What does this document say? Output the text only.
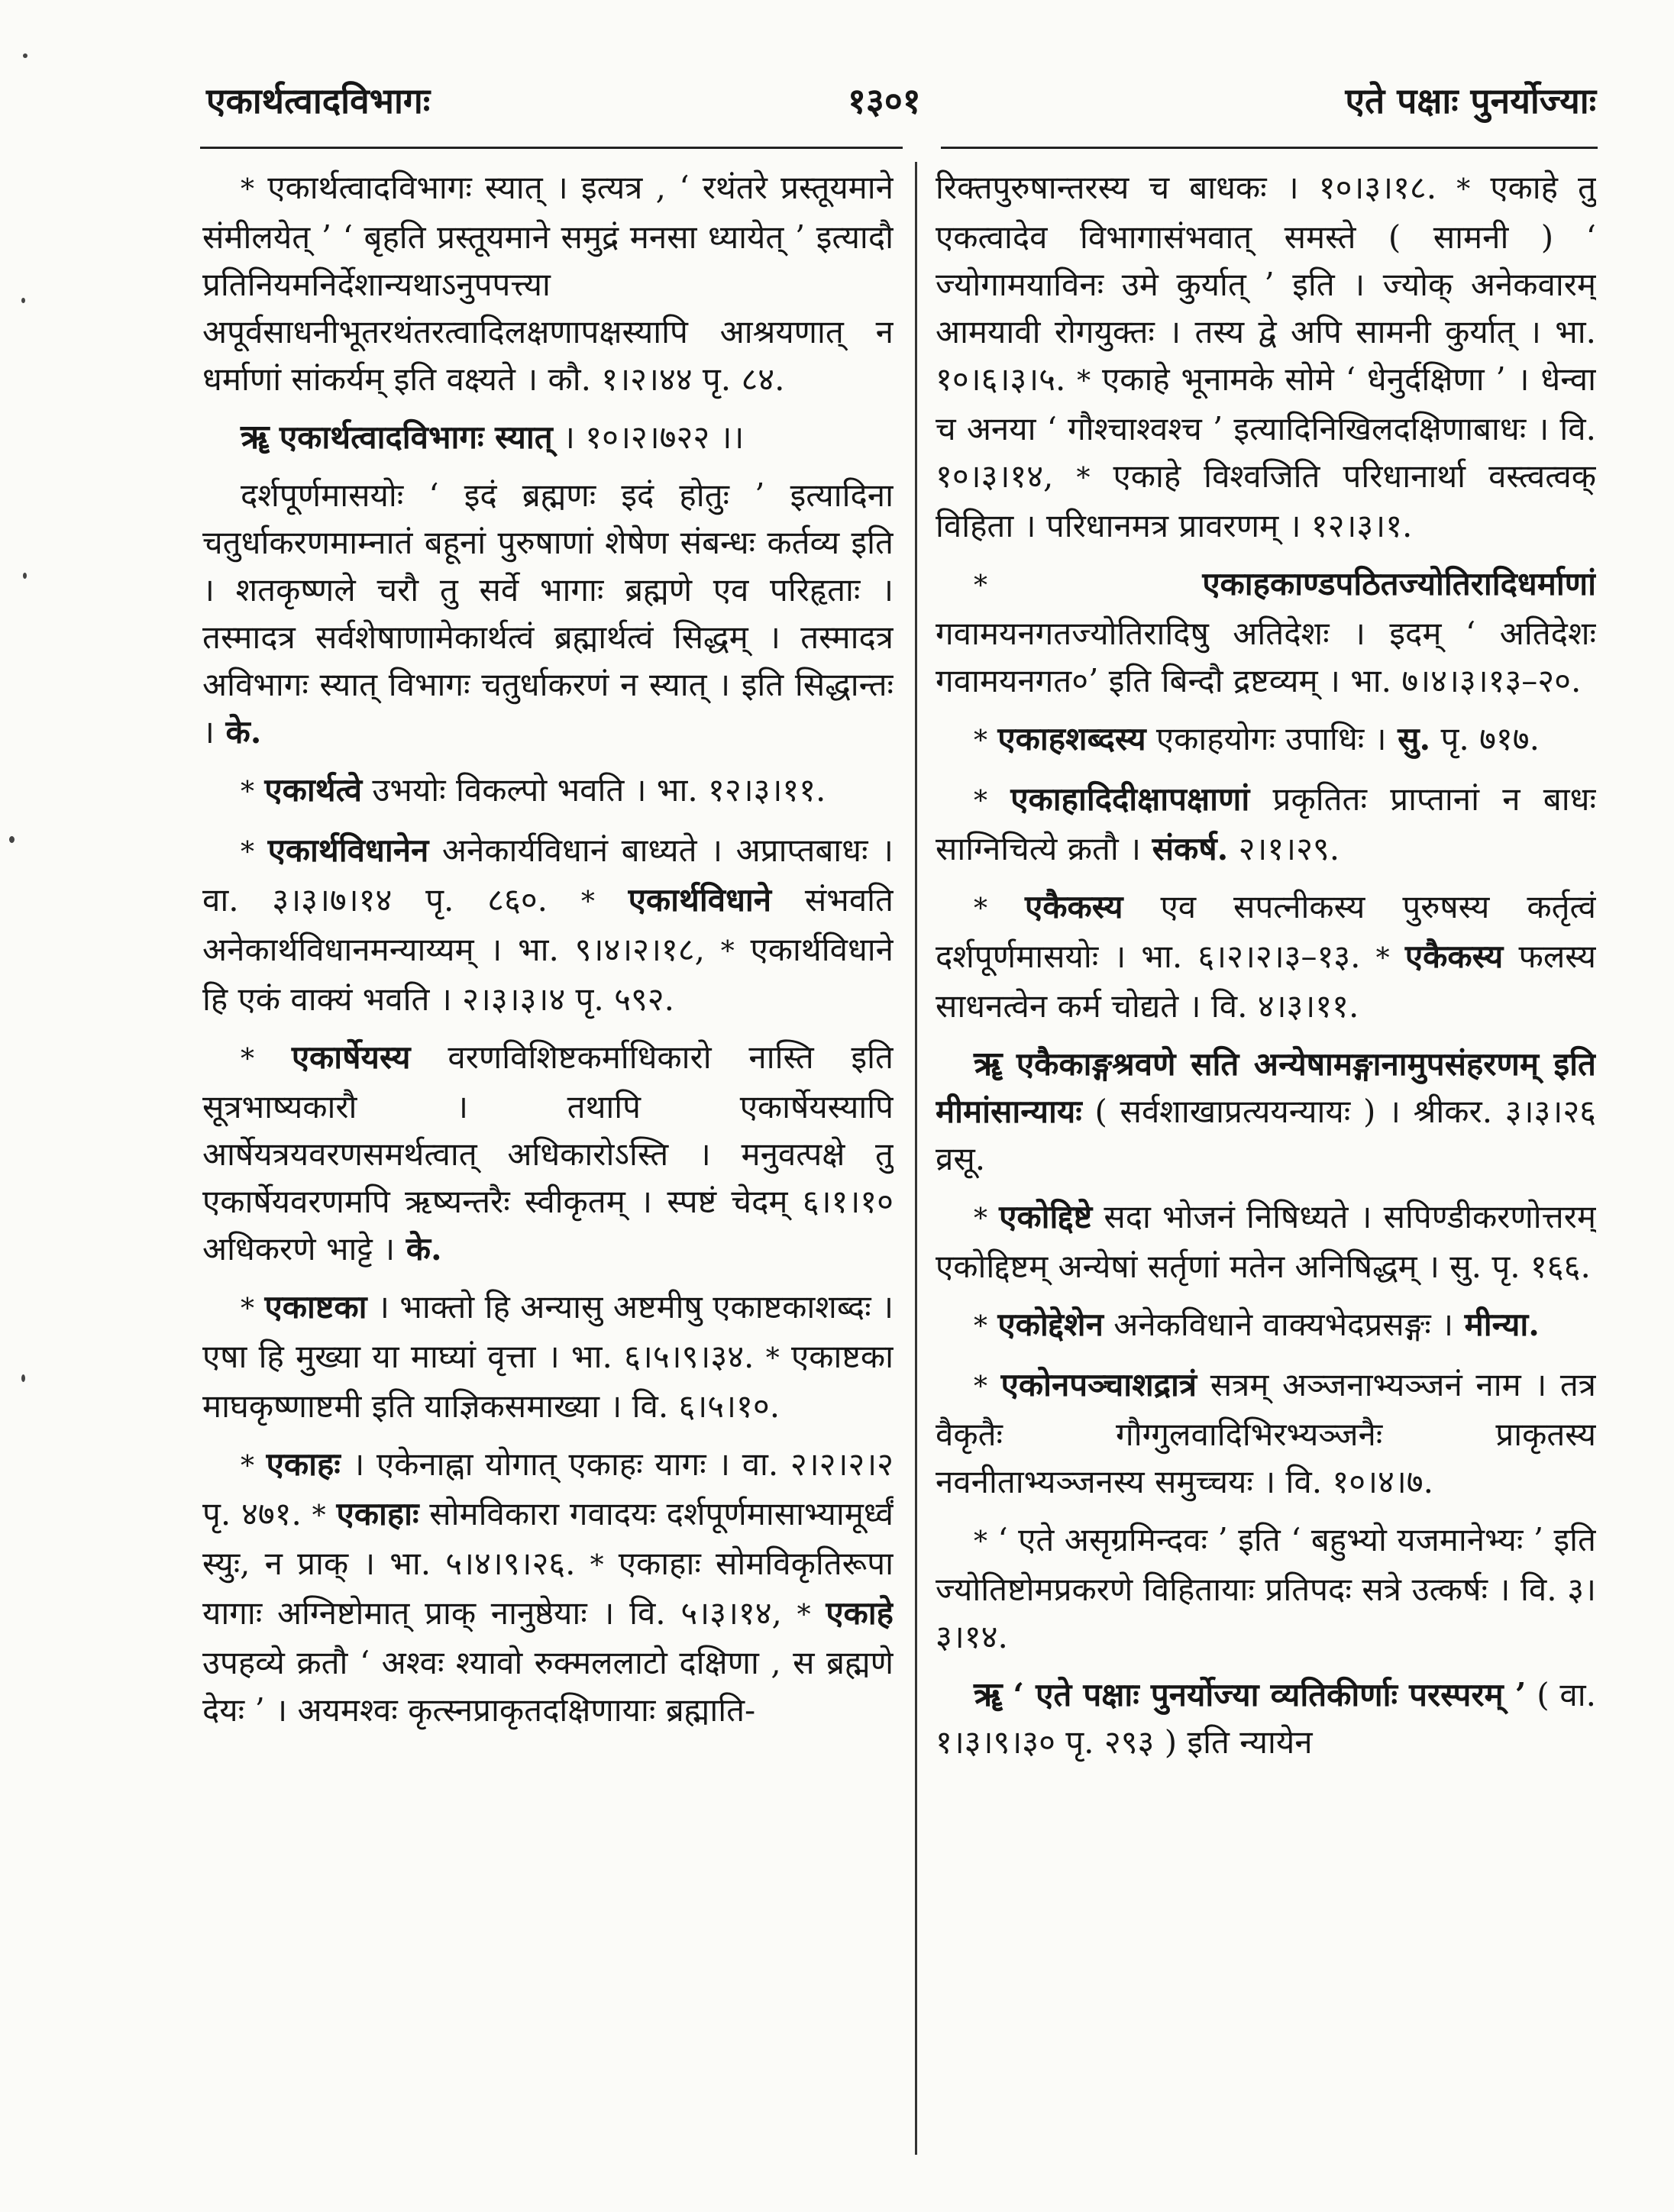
एकार्थत्वादविभागः	१३०१	एते पक्षाः पुनर्योज्याः

* एकार्थत्वादविभागः स्यात् । इत्यत्र , ‘ रथंतरे प्रस्तूयमाने संमीलयेत् ’ ‘ बृहति प्रस्तूयमाने समुद्रं मनसा ध्यायेत् ’ इत्यादौ प्रतिनियमनिर्देशान्यथाऽनुपपत्त्या अपूर्वसाधनीभूतरथंतरत्वादिलक्षणापक्षस्यापि आश्रयणात् न धर्माणां सांकर्यम् इति वक्ष्यते । कौ. १।२।४४ पृ. ८४.

ॠ एकार्थत्वादविभागः स्यात् । १०।२।७२२ ।।

दर्शपूर्णमासयोः ‘ इदं ब्रह्मणः इदं होतुः ’ इत्यादिना चतुर्धाकरणमाम्नातं बहूनां पुरुषाणां शेषेण संबन्धः कर्तव्य इति । शतकृष्णले चरौ तु सर्वे भागाः ब्रह्मणे एव परिहृताः । तस्मादत्र सर्वशेषाणामेकार्थत्वं ब्रह्मार्थत्वं सिद्धम् । तस्मादत्र अविभागः स्यात् विभागः चतुर्धाकरणं न स्यात् । इति सिद्धान्तः । के.

* एकार्थत्वे उभयोः विकल्पो भवति । भा. १२।३।११.

* एकार्थविधानेन अनेकार्यविधानं बाध्यते । अप्राप्तबाधः । वा. ३।३।७।१४ पृ. ८६०. * एकार्थविधाने संभवति अनेकार्थविधानमन्याय्यम् । भा. ९।४।२।१८, * एकार्थविधाने हि एकं वाक्यं भवति । २।३।३।४ पृ. ५९२.

* एकार्षेयस्य वरणविशिष्टकर्माधिकारो नास्ति इति सूत्रभाष्यकारौ । तथापि एकार्षेयस्यापि आर्षेयत्रयवरणसमर्थत्वात् अधिकारोऽस्ति । मनुवत्पक्षे तु एकार्षेयवरणमपि ऋष्यन्तरैः स्वीकृतम् । स्पष्टं चेदम् ६।१।१० अधिकरणे भाट्टे । के.

* एकाष्टका । भाक्तो हि अन्यासु अष्टमीषु एकाष्टकाशब्दः । एषा हि मुख्या या माघ्यां वृत्ता । भा. ६।५।९।३४. * एकाष्टका माघकृष्णाष्टमी इति याज्ञिकसमाख्या । वि. ६।५।१०.

* एकाहः । एकेनाह्ना योगात् एकाहः यागः । वा. २।२।२।२ पृ. ४७१. * एकाहाः सोमविकारा गवादयः दर्शपूर्णमासाभ्यामूर्ध्वं स्युः, न प्राक् । भा. ५।४।९।२६. * एकाहाः सोमविकृतिरूपा यागाः अग्निष्टोमात् प्राक् नानुष्ठेयाः । वि. ५।३।१४, * एकाहे उपहव्ये क्रतौ ‘ अश्वः श्यावो रुक्मललाटो दक्षिणा , स ब्रह्मणे देयः ’ । अयमश्वः कृत्स्नप्राकृतदक्षिणायाः ब्रह्माति-

रिक्तपुरुषान्तरस्य च बाधकः । १०।३।१८. * एकाहे तु एकत्वादेव विभागासंभवात् समस्ते ( सामनी ) ‘ ज्योगामयाविनः उमे कुर्यात् ’ इति । ज्योक् अनेकवारम् आमयावी रोगयुक्तः । तस्य द्वे अपि सामनी कुर्यात् । भा. १०।६।३।५. * एकाहे भूनामके सोमे ‘ धेनुर्दक्षिणा ’ । धेन्वा च अनया ‘ गौश्चाश्वश्च ’ इत्यादिनिखिलदक्षिणाबाधः । वि. १०।३।१४, * एकाहे विश्वजिति परिधानार्था वस्त्वत्वक् विहिता । परिधानमत्र प्रावरणम् । १२।३।१.

*	एकाहकाण्डपठितज्योतिरादिधर्माणां गवामयनगतज्योतिरादिषु अतिदेशः । इदम् ‘ अतिदेशः गवामयनगत०’ इति बिन्दौ द्रष्टव्यम् । भा. ७।४।३।१३–२०.

* एकाहशब्दस्य एकाहयोगः उपाधिः । सु. पृ. ७१७.

* एकाहादिदीक्षापक्षाणां प्रकृतितः प्राप्तानां न बाधः साग्निचित्ये क्रतौ । संकर्ष. २।१।२९.

* एकैकस्य एव सपत्नीकस्य पुरुषस्य कर्तृत्वं दर्शपूर्णमासयोः । भा. ६।२।२।३–१३. * एकैकस्य फलस्य साधनत्वेन कर्म चोद्यते । वि. ४।३।११.

ॠ एकैकाङ्गश्रवणे सति अन्येषामङ्गानामुपसंहरणम् इति मीमांसान्यायः ( सर्वशाखाप्रत्ययन्यायः ) । श्रीकर. ३।३।२६ व्रसू.

* एकोद्दिष्टे सदा भोजनं निषिध्यते । सपिण्डीकरणोत्तरम् एकोद्दिष्टम् अन्येषां सर्तृणां मतेन अनिषिद्धम् । सु. पृ. १६६.

* एकोद्देशेन अनेकविधाने वाक्यभेदप्रसङ्गः । मीन्या.

* एकोनपञ्चाशद्रात्रं सत्रम् अञ्जनाभ्यञ्जनं नाम । तत्र वैकृतैः गौग्गुलवादिभिरभ्यञ्जनैः प्राकृतस्य नवनीताभ्यञ्जनस्य समुच्चयः । वि. १०।४।७.

* ‘ एते असृग्रमिन्दवः ’ इति ‘ बहुभ्यो यजमानेभ्यः ’ इति ज्योतिष्टोमप्रकरणे विहितायाः प्रतिपदः सत्रे उत्कर्षः । वि. ३।३।१४.

ॠ ‘ एते पक्षाः पुनर्योज्या व्यतिकीर्णाः परस्परम् ’ ( वा. १।३।९।३० पृ. २९३ ) इति न्यायेन
